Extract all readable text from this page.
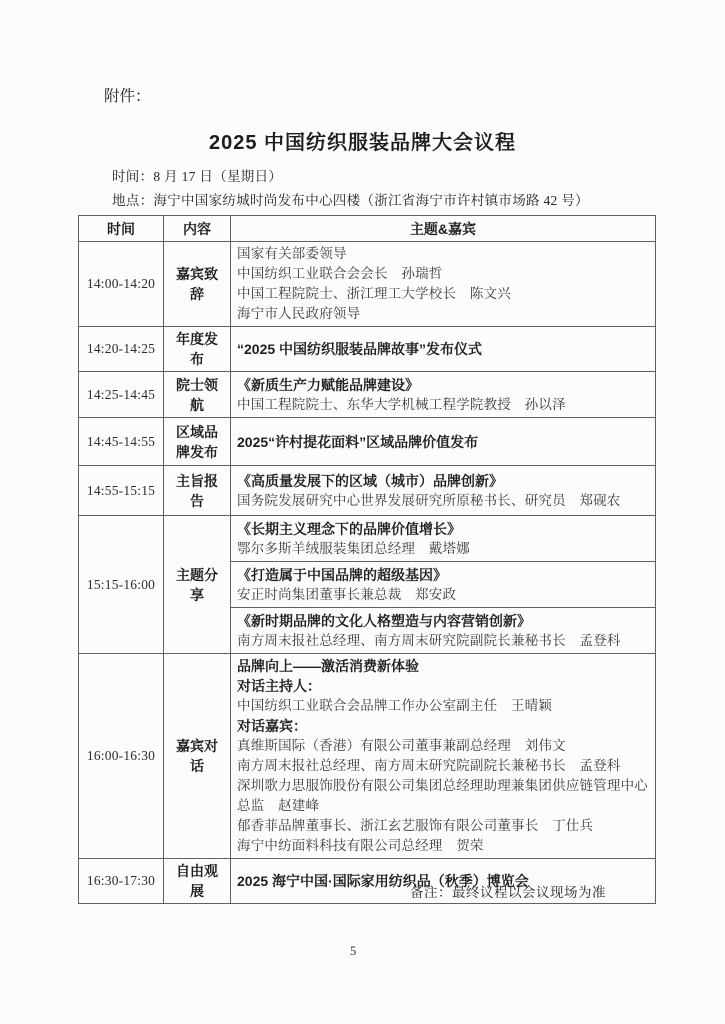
附件：
2025 中国纺织服装品牌大会议程
时间：8 月 17 日（星期日）
地点：海宁中国家纺城时尚发布中心四楼（浙江省海宁市许村镇市场路 42 号）
时间	内容	主题&嘉宾
14:00-14:20	嘉宾致辞	国家有关部委领导
中国纺织工业联合会会长　孙瑞哲
中国工程院院士、浙江理工大学校长　陈文兴
海宁市人民政府领导

14:20-14:25	年度发布	“2025 中国纺织服装品牌故事”发布仪式

14:25-14:45	院士领航	《新质生产力赋能品牌建设》
中国工程院院士、东华大学机械工程学院教授　孙以泽

14:45-14:55	区域品牌发布	2025“许村提花面料”区域品牌价值发布

14:55-15:15	主旨报告	《高质量发展下的区域（城市）品牌创新》
国务院发展研究中心世界发展研究所原秘书长、研究员　郑砚农

15:15-16:00	主题分享	《长期主义理念下的品牌价值增长》
鄂尔多斯羊绒服装集团总经理　戴塔娜

		《打造属于中国品牌的超级基因》
安正时尚集团董事长兼总裁　郑安政

		《新时期品牌的文化人格塑造与内容营销创新》
南方周末报社总经理、南方周末研究院副院长兼秘书长　孟登科

16:00-16:30	嘉宾对话	
品牌向上——激活消费新体验
对话主持人：
中国纺织工业联合会品牌工作办公室副主任　王晴颖
对话嘉宾：
真维斯国际（香港）有限公司董事兼副总经理　刘伟文
南方周末报社总经理、南方周末研究院副院长兼秘书长　孟登科
深圳歌力思服饰股份有限公司集团总经理助理兼集团供应链管理中心总监　赵建峰
郁香菲品牌董事长、浙江玄艺服饰有限公司董事长　丁仕兵
海宁中纺面料科技有限公司总经理　贺荣

16:30-17:30	自由观展	2025 海宁中国·国际家用纺织品（秋季）博览会
备注：最终议程以会议现场为准
5
